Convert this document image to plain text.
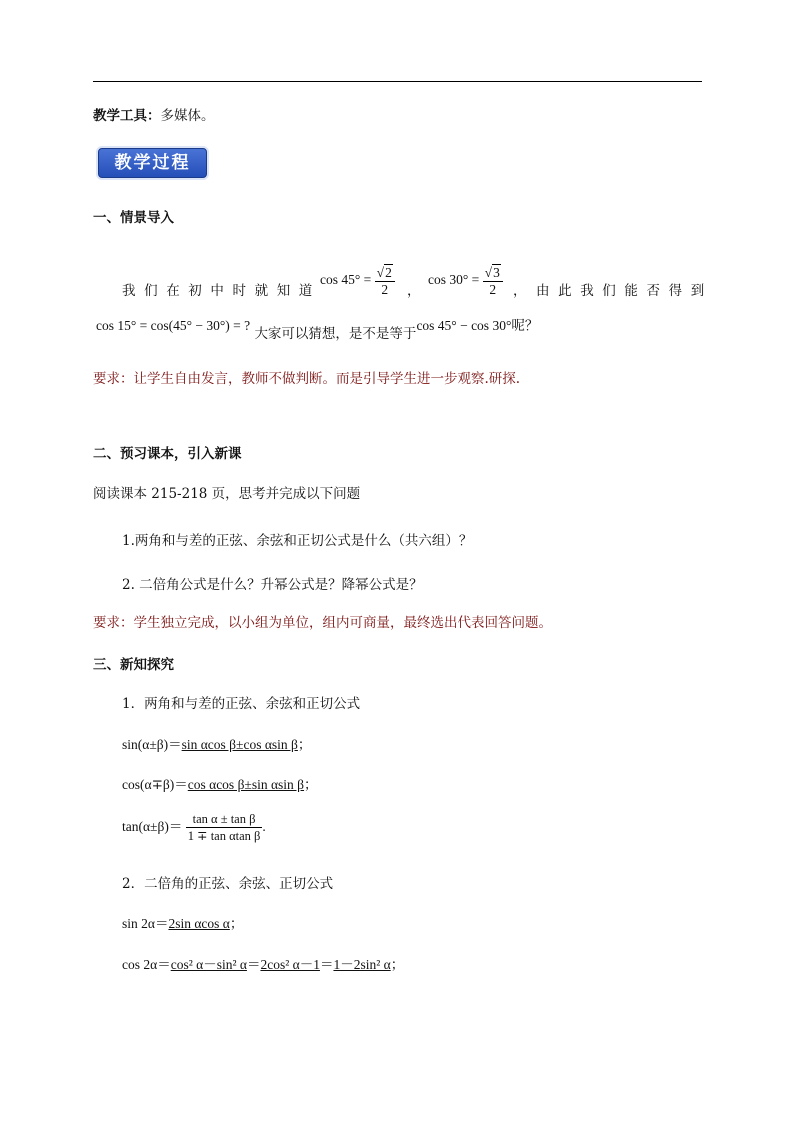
教学工具：多媒体。
教学过程
一、情景导入
我们在初中时就知道
$\cos 45^\circ = \frac{√2}{2}$ ，
$\cos 30^\circ = \frac{√3}{2}$ ， 由此我们能否得到
cos 15° = cos(45° − 30°) = ? 大家可以猜想，是不是等于cos 45° − cos 30°呢？
要求：让学生自由发言，教师不做判断。而是引导学生进一步观察.研探.
二、预习课本，引入新课
阅读课本 215-218 页，思考并完成以下问题
1.两角和与差的正弦、余弦和正切公式是什么（共六组）？
2. 二倍角公式是什么？升幂公式是？降幂公式是？
要求：学生独立完成，以小组为单位，组内可商量，最终选出代表回答问题。
三、新知探究
1．两角和与差的正弦、余弦和正切公式
sin(α±β)＝sin αcos β±cos αsin β；
cos(α∓β)＝cos αcos β±sin αsin β；
$\tan(\alpha\pm\beta)= \frac{\text{tan α ± tan β}}{\text{1 ∓ tan αtan β}}$ .
2．二倍角的正弦、余弦、正切公式
sin 2α＝2sin αcos α；
cos 2α＝cos² α－sin² α＝2cos² α－1＝1－2sin² α；
